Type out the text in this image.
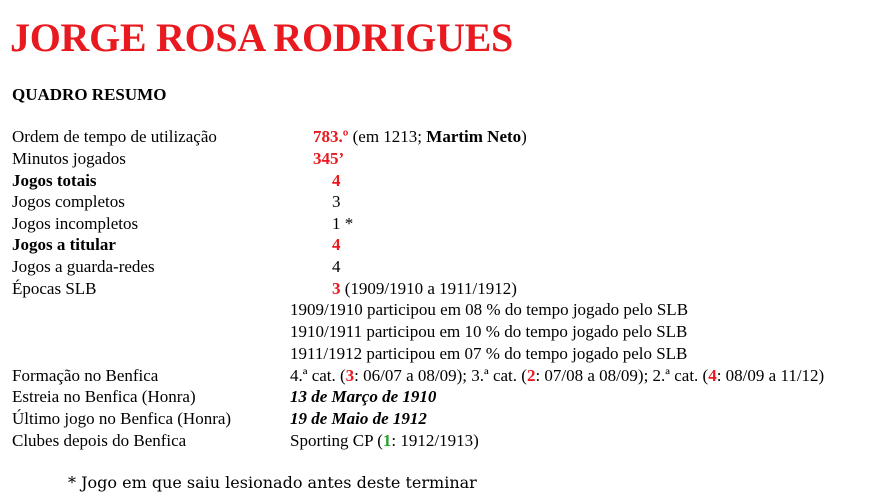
JORGE ROSA RODRIGUES
QUADRO RESUMO
Ordem de tempo de utilização	783.º (em 1213; Martim Neto)
Minutos jogados	345’
Jogos totais	4
Jogos completos	3
Jogos incompletos	1 *
Jogos a titular	4
Jogos a guarda-redes	4
Épocas SLB	3 (1909/1910 a 1911/1912)
1909/1910 participou em 08 % do tempo jogado pelo SLB
1910/1911 participou em 10 % do tempo jogado pelo SLB
1911/1912 participou em 07 % do tempo jogado pelo SLB
Formação no Benfica	4.ª cat. (3: 06/07 a 08/09); 3.ª cat. (2: 07/08 a 08/09); 2.ª cat. (4: 08/09 a 11/12)
Estreia no Benfica (Honra)	13 de Março de 1910
Último jogo no Benfica (Honra)	19 de Maio de 1912
Clubes depois do Benfica	Sporting CP (1: 1912/1913)
* Jogo em que saiu lesionado antes deste terminar
